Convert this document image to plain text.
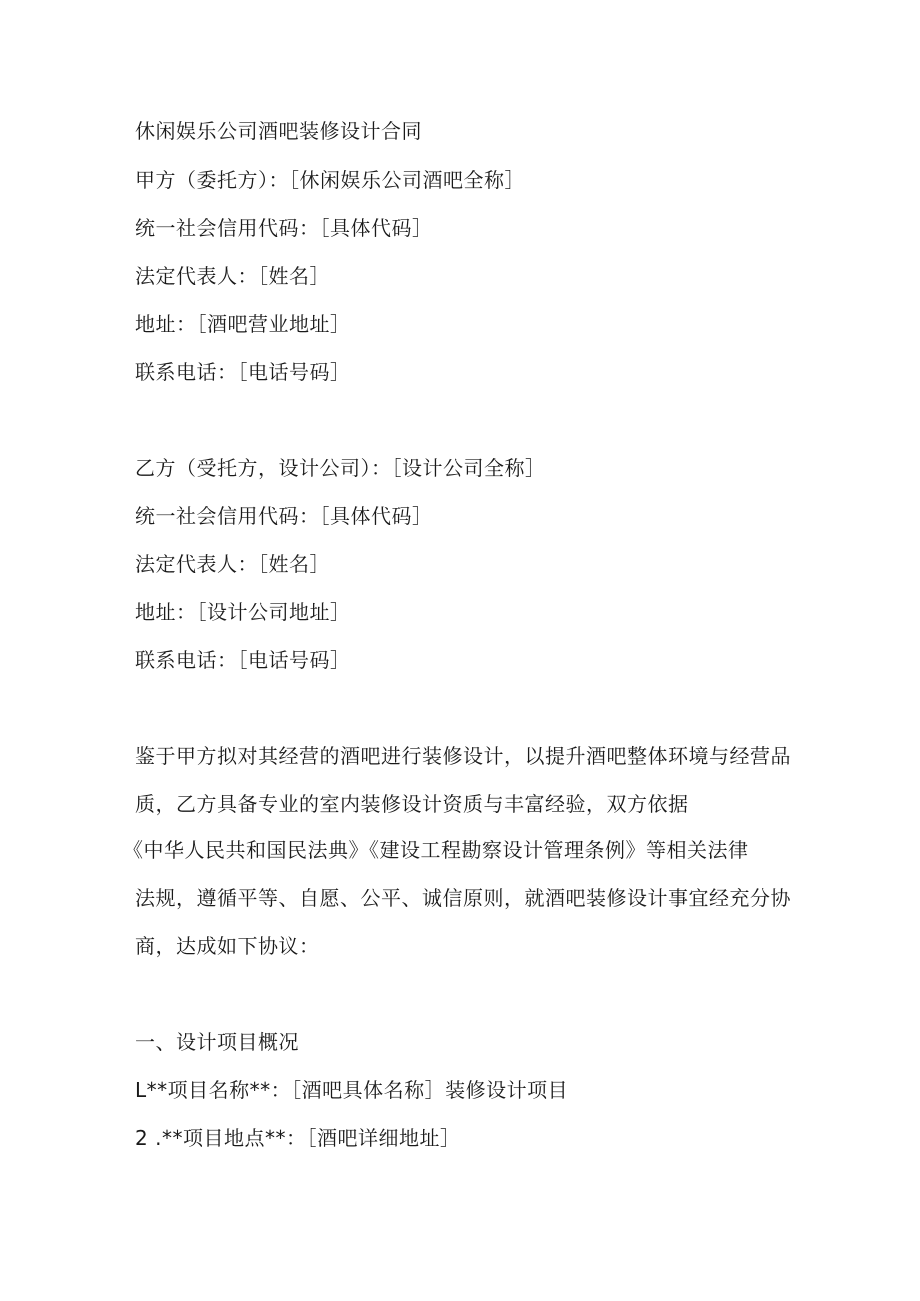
休闲娱乐公司酒吧装修设计合同
甲方（委托方）：［休闲娱乐公司酒吧全称］
统一社会信用代码：［具体代码］
法定代表人：［姓名］
地址：［酒吧营业地址］
联系电话：［电话号码］
乙方（受托方，设计公司）：［设计公司全称］
统一社会信用代码：［具体代码］
法定代表人：［姓名］
地址：［设计公司地址］
联系电话：［电话号码］
鉴于甲方拟对其经营的酒吧进行装修设计，以提升酒吧整体环境与经营品
质，乙方具备专业的室内装修设计资质与丰富经验，双方依据
《中华人民共和国民法典》《建设工程勘察设计管理条例》等相关法律
法规，遵循平等、自愿、公平、诚信原则，就酒吧装修设计事宜经充分协
商，达成如下协议：
一、设计项目概况
L**项目名称**：［酒吧具体名称］装修设计项目
2 .**项目地点**：［酒吧详细地址］
